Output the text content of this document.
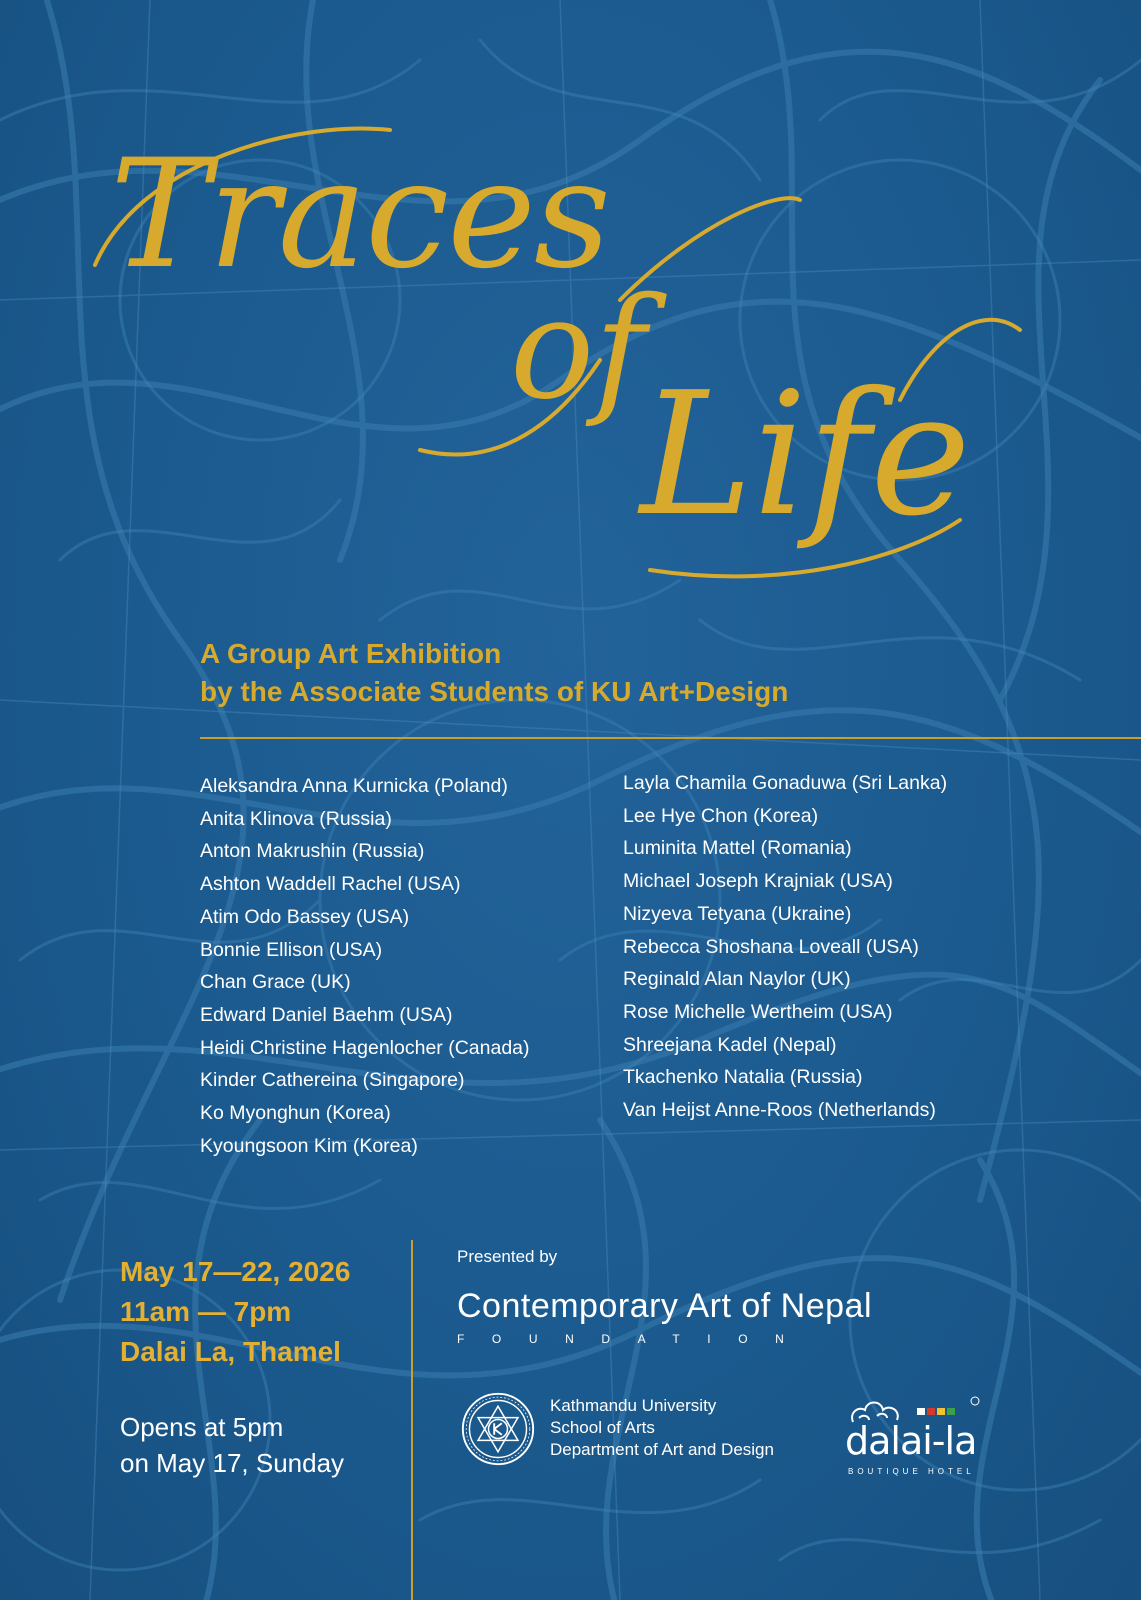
Traces
of
Life

A Group Art Exhibition

by the Associate Students of KU Art+Design

Aleksandra Anna Kurnicka (Poland)
Anita Klinova (Russia)
Anton Makrushin (Russia)
Ashton Waddell Rachel (USA)
Atim Odo Bassey (USA)
Bonnie Ellison (USA)
Chan Grace (UK)
Edward Daniel Baehm (USA)
Heidi Christine Hagenlocher (Canada)
Kinder Cathereina (Singapore)
Ko Myonghun (Korea)
Kyoungsoon Kim (Korea)
Layla Chamila Gonaduwa (Sri Lanka)
Lee Hye Chon (Korea)
Luminita Mattel (Romania)
Michael Joseph Krajniak (USA)
Nizyeva Tetyana (Ukraine)
Rebecca Shoshana Loveall (USA)
Reginald Alan Naylor (UK)
Rose Michelle Wertheim (USA)
Shreejana Kadel (Nepal)
Tkachenko Natalia (Russia)
Van Heijst Anne-Roos (Netherlands)

May 17—22, 2026

11am — 7pm

Dalai La, Thamel

Opens at 5pm

on May 17, Sunday

Presented by

Contemporary Art of Nepal

FOUNDATION

Kathmandu University

School of Arts

Department of Art and Design dalai-la

BOUTIQUE HOTEL
